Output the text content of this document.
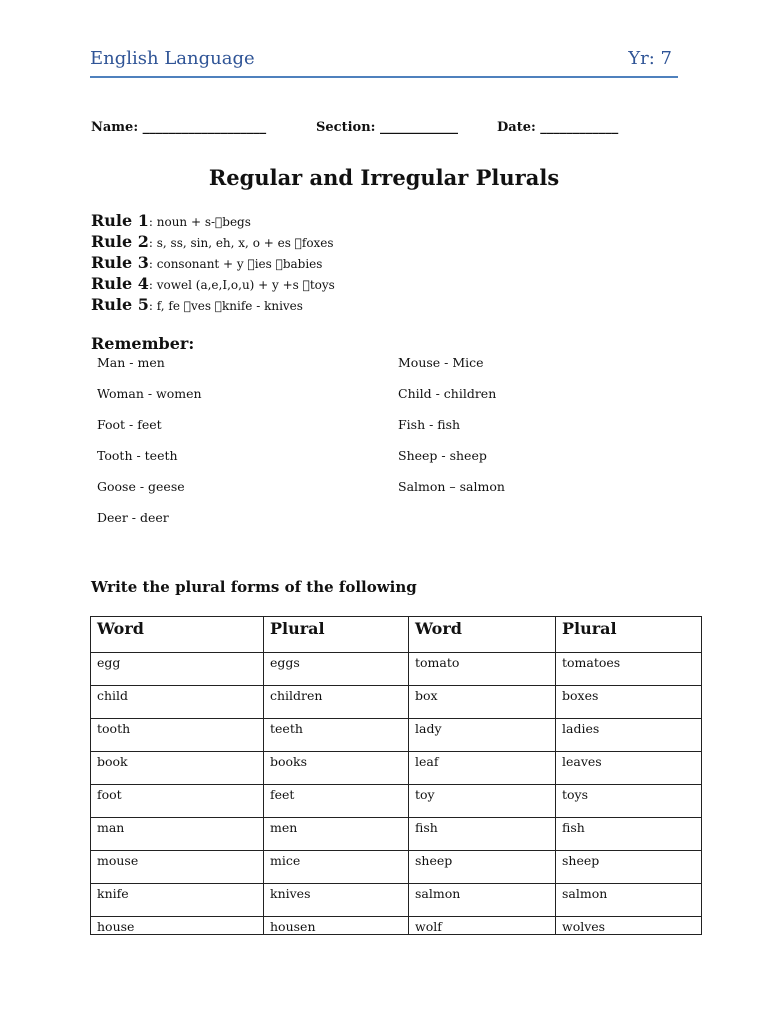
English Language	Yr: 7
Name: ___________________	Section: ____________	Date: ____________
Regular and Irregular Plurals
Rule 1: noun + s- begs
Rule 2: s, ss, sin, eh, x, o + es  foxes
Rule 3: consonant + y  ies  babies
Rule 4: vowel (a,e,I,o,u) + y +s  toys
Rule 5: f, fe  ves  knife - knives
Remember:
Man - men
Woman - women
Foot - feet
Tooth - teeth
Goose - geese
Deer - deer
Mouse - Mice
Child - children
Fish - fish
Sheep - sheep
Salmon – salmon
Write the plural forms of the following
Word	Plural	Word	Plural
egg	eggs	tomato	tomatoes
child	children	box	boxes
tooth	teeth	lady	ladies
book	books	leaf	leaves
foot	feet	toy	toys
man	men	fish	fish
mouse	mice	sheep	sheep
knife	knives	salmon	salmon
house	housen	wolf	wolves
